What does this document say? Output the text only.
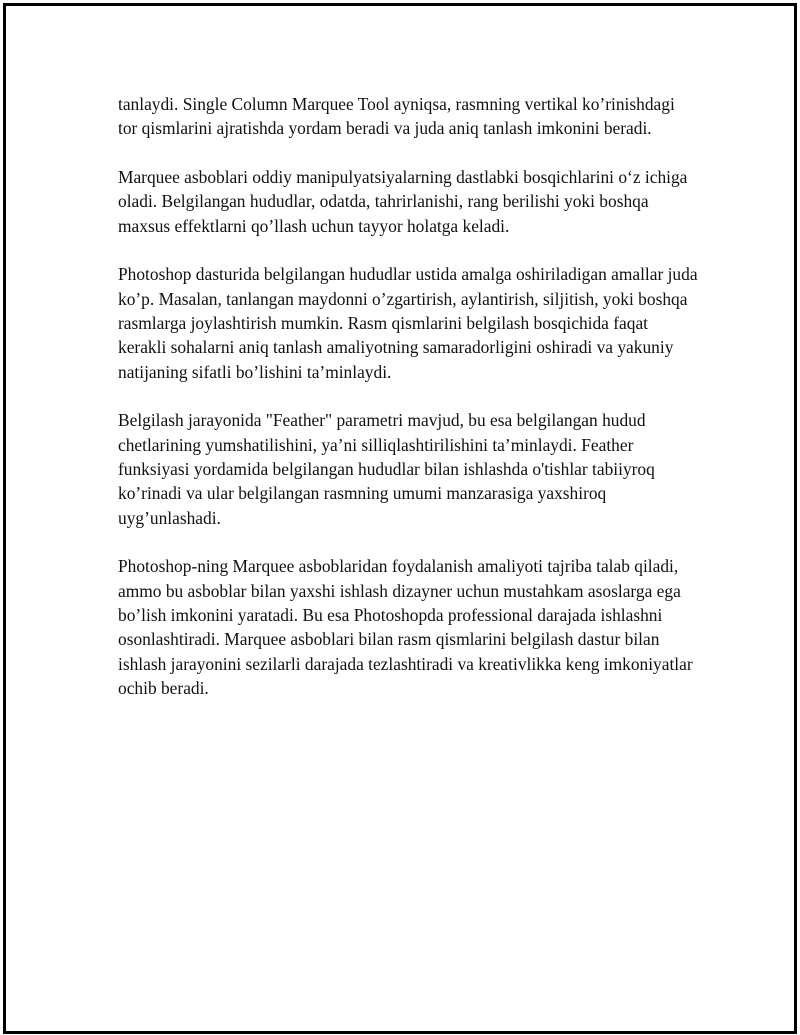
tanlaydi. Single Column Marquee Tool ayniqsa, rasmning vertikal ko’rinishdagi tor qismlarini ajratishda yordam beradi va juda aniq tanlash imkonini beradi.

Marquee asboblari oddiy manipulyatsiyalarning dastlabki bosqichlarini o‘z ichiga oladi. Belgilangan hududlar, odatda, tahrirlanishi, rang berilishi yoki boshqa maxsus effektlarni qo’llash uchun tayyor holatga keladi.

Photoshop dasturida belgilangan hududlar ustida amalga oshiriladigan amallar juda ko’p. Masalan, tanlangan maydonni o’zgartirish, aylantirish, siljitish, yoki boshqa rasmlarga joylashtirish mumkin. Rasm qismlarini belgilash bosqichida faqat kerakli sohalarni aniq tanlash amaliyotning samaradorligini oshiradi va yakuniy natijaning sifatli bo’lishini ta’minlaydi.

Belgilash jarayonida "Feather" parametri mavjud, bu esa belgilangan hudud chetlarining yumshatilishini, ya’ni silliqlashtirilishini ta’minlaydi. Feather funksiyasi yordamida belgilangan hududlar bilan ishlashda o'tishlar tabiiyroq ko’rinadi va ular belgilangan rasmning umumi manzarasiga yaxshiroq uyg’unlashadi.

Photoshop-ning Marquee asboblaridan foydalanish amaliyoti tajriba talab qiladi, ammo bu asboblar bilan yaxshi ishlash dizayner uchun mustahkam asoslarga ega bo’lish imkonini yaratadi. Bu esa Photoshopda professional darajada ishlashni osonlashtiradi. Marquee asboblari bilan rasm qismlarini belgilash dastur bilan ishlash jarayonini sezilarli darajada tezlashtiradi va kreativlikka keng imkoniyatlar ochib beradi.
